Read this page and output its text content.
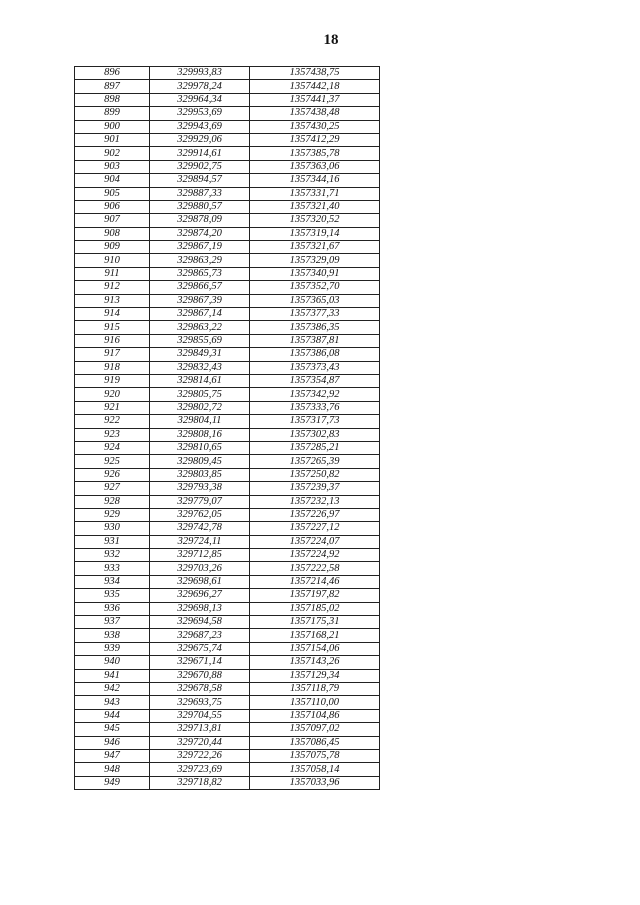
18
896	329993,83	1357438,75
897	329978,24	1357442,18
898	329964,34	1357441,37
899	329953,69	1357438,48
900	329943,69	1357430,25
901	329929,06	1357412,29
902	329914,61	1357385,78
903	329902,75	1357363,06
904	329894,57	1357344,16
905	329887,33	1357331,71
906	329880,57	1357321,40
907	329878,09	1357320,52
908	329874,20	1357319,14
909	329867,19	1357321,67
910	329863,29	1357329,09
911	329865,73	1357340,91
912	329866,57	1357352,70
913	329867,39	1357365,03
914	329867,14	1357377,33
915	329863,22	1357386,35
916	329855,69	1357387,81
917	329849,31	1357386,08
918	329832,43	1357373,43
919	329814,61	1357354,87
920	329805,75	1357342,92
921	329802,72	1357333,76
922	329804,11	1357317,73
923	329808,16	1357302,83
924	329810,65	1357285,21
925	329809,45	1357265,39
926	329803,85	1357250,82
927	329793,38	1357239,37
928	329779,07	1357232,13
929	329762,05	1357226,97
930	329742,78	1357227,12
931	329724,11	1357224,07
932	329712,85	1357224,92
933	329703,26	1357222,58
934	329698,61	1357214,46
935	329696,27	1357197,82
936	329698,13	1357185,02
937	329694,58	1357175,31
938	329687,23	1357168,21
939	329675,74	1357154,06
940	329671,14	1357143,26
941	329670,88	1357129,34
942	329678,58	1357118,79
943	329693,75	1357110,00
944	329704,55	1357104,86
945	329713,81	1357097,02
946	329720,44	1357086,45
947	329722,26	1357075,78
948	329723,69	1357058,14
949	329718,82	1357033,96
